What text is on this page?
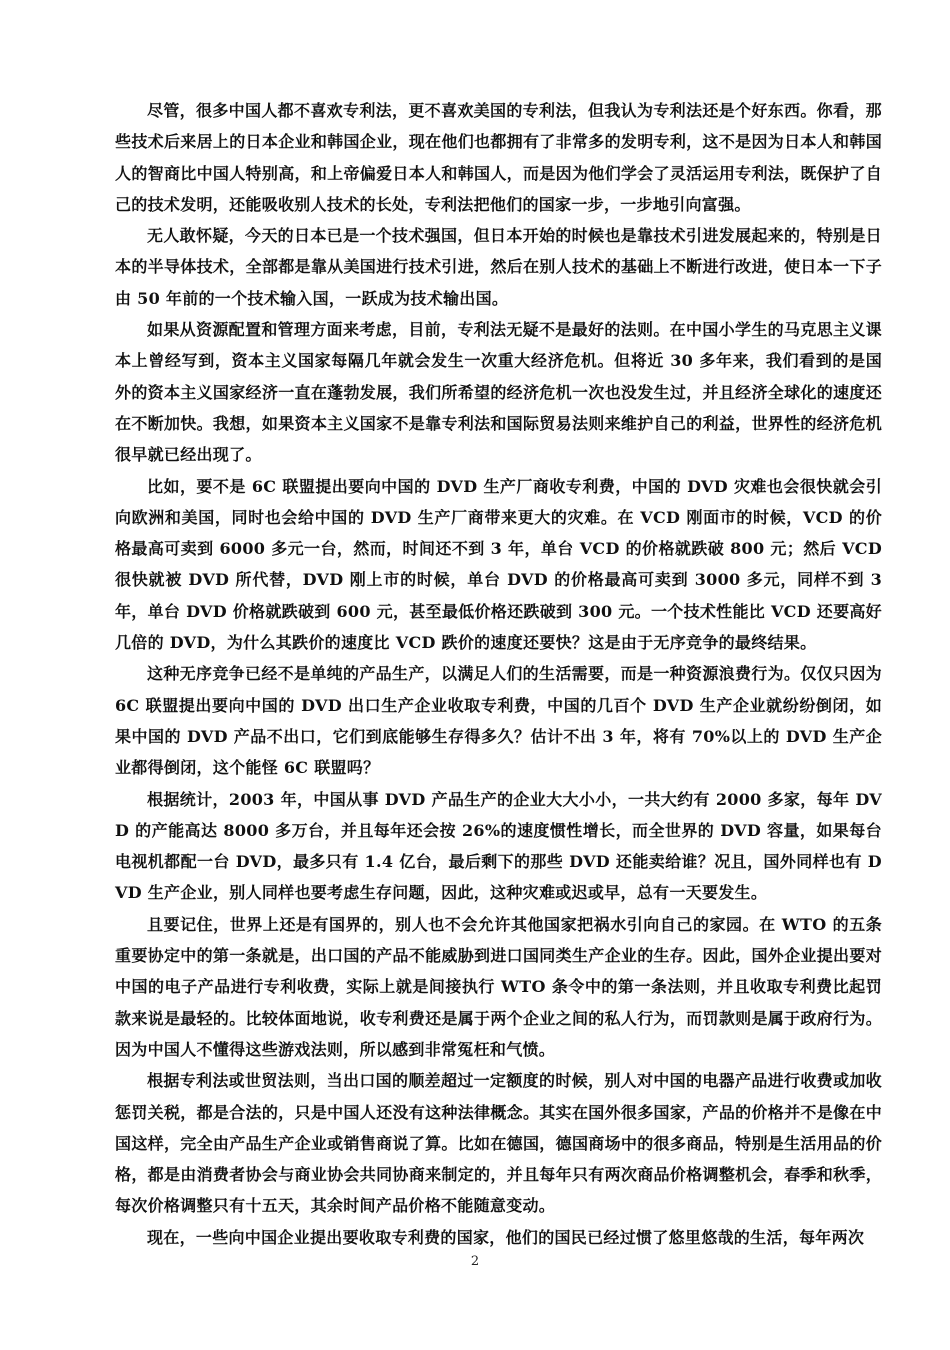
尽管，很多中国人都不喜欢专利法，更不喜欢美国的专利法，但我认为专利法还是个好东西。你看，那些技术后来居上的日本企业和韩国企业，现在他们也都拥有了非常多的发明专利，这不是因为日本人和韩国人的智商比中国人特别高，和上帝偏爱日本人和韩国人，而是因为他们学会了灵活运用专利法，既保护了自己的技术发明，还能吸收别人技术的长处，专利法把他们的国家一步，一步地引向富强。

无人敢怀疑，今天的日本已是一个技术强国，但日本开始的时候也是靠技术引进发展起来的，特别是日本的半导体技术，全部都是靠从美国进行技术引进，然后在别人技术的基础上不断进行改进，使日本一下子由 50 年前的一个技术输入国，一跃成为技术输出国。

如果从资源配置和管理方面来考虑，目前，专利法无疑不是最好的法则。在中国小学生的马克思主义课本上曾经写到，资本主义国家每隔几年就会发生一次重大经济危机。但将近 30 多年来，我们看到的是国外的资本主义国家经济一直在蓬勃发展，我们所希望的经济危机一次也没发生过，并且经济全球化的速度还在不断加快。我想，如果资本主义国家不是靠专利法和国际贸易法则来维护自己的利益，世界性的经济危机很早就已经出现了。

比如，要不是 6C 联盟提出要向中国的 DVD 生产厂商收专利费，中国的 DVD 灾难也会很快就会引向欧洲和美国，同时也会给中国的 DVD 生产厂商带来更大的灾难。在 VCD 刚面市的时候，VCD 的价格最高可卖到 6000 多元一台，然而，时间还不到 3 年，单台 VCD 的价格就跌破 800 元；然后 VCD 很快就被 DVD 所代替，DVD 刚上市的时候，单台 DVD 的价格最高可卖到 3000 多元，同样不到 3 年，单台 DVD 价格就跌破到 600 元，甚至最低价格还跌破到 300 元。一个技术性能比 VCD 还要高好几倍的 DVD，为什么其跌价的速度比 VCD 跌价的速度还要快？这是由于无序竞争的最终结果。

这种无序竞争已经不是单纯的产品生产，以满足人们的生活需要，而是一种资源浪费行为。仅仅只因为 6C 联盟提出要向中国的 DVD 出口生产企业收取专利费，中国的几百个 DVD 生产企业就纷纷倒闭，如果中国的 DVD 产品不出口，它们到底能够生存得多久？估计不出 3 年，将有 70%以上的 DVD 生产企业都得倒闭，这个能怪 6C 联盟吗？

根据统计，2003 年，中国从事 DVD 产品生产的企业大大小小，一共大约有 2000 多家，每年 DVD 的产能高达 8000 多万台，并且每年还会按 26%的速度惯性增长，而全世界的 DVD 容量，如果每台电视机都配一台 DVD，最多只有 1.4 亿台，最后剩下的那些 DVD 还能卖给谁？况且，国外同样也有 DVD 生产企业，别人同样也要考虑生存问题，因此，这种灾难或迟或早，总有一天要发生。

且要记住，世界上还是有国界的，别人也不会允许其他国家把祸水引向自己的家园。在 WTO 的五条重要协定中的第一条就是，出口国的产品不能威胁到进口国同类生产企业的生存。因此，国外企业提出要对中国的电子产品进行专利收费，实际上就是间接执行 WTO 条令中的第一条法则，并且收取专利费比起罚款来说是最轻的。比较体面地说，收专利费还是属于两个企业之间的私人行为，而罚款则是属于政府行为。因为中国人不懂得这些游戏法则，所以感到非常冤枉和气愤。

根据专利法或世贸法则，当出口国的顺差超过一定额度的时候，别人对中国的电器产品进行收费或加收惩罚关税，都是合法的，只是中国人还没有这种法律概念。其实在国外很多国家，产品的价格并不是像在中国这样，完全由产品生产企业或销售商说了算。比如在德国，德国商场中的很多商品，特别是生活用品的价格，都是由消费者协会与商业协会共同协商来制定的，并且每年只有两次商品价格调整机会，春季和秋季，每次价格调整只有十五天，其余时间产品价格不能随意变动。

现在，一些向中国企业提出要收取专利费的国家，他们的国民已经过惯了悠里悠哉的生活，每年两次

2
